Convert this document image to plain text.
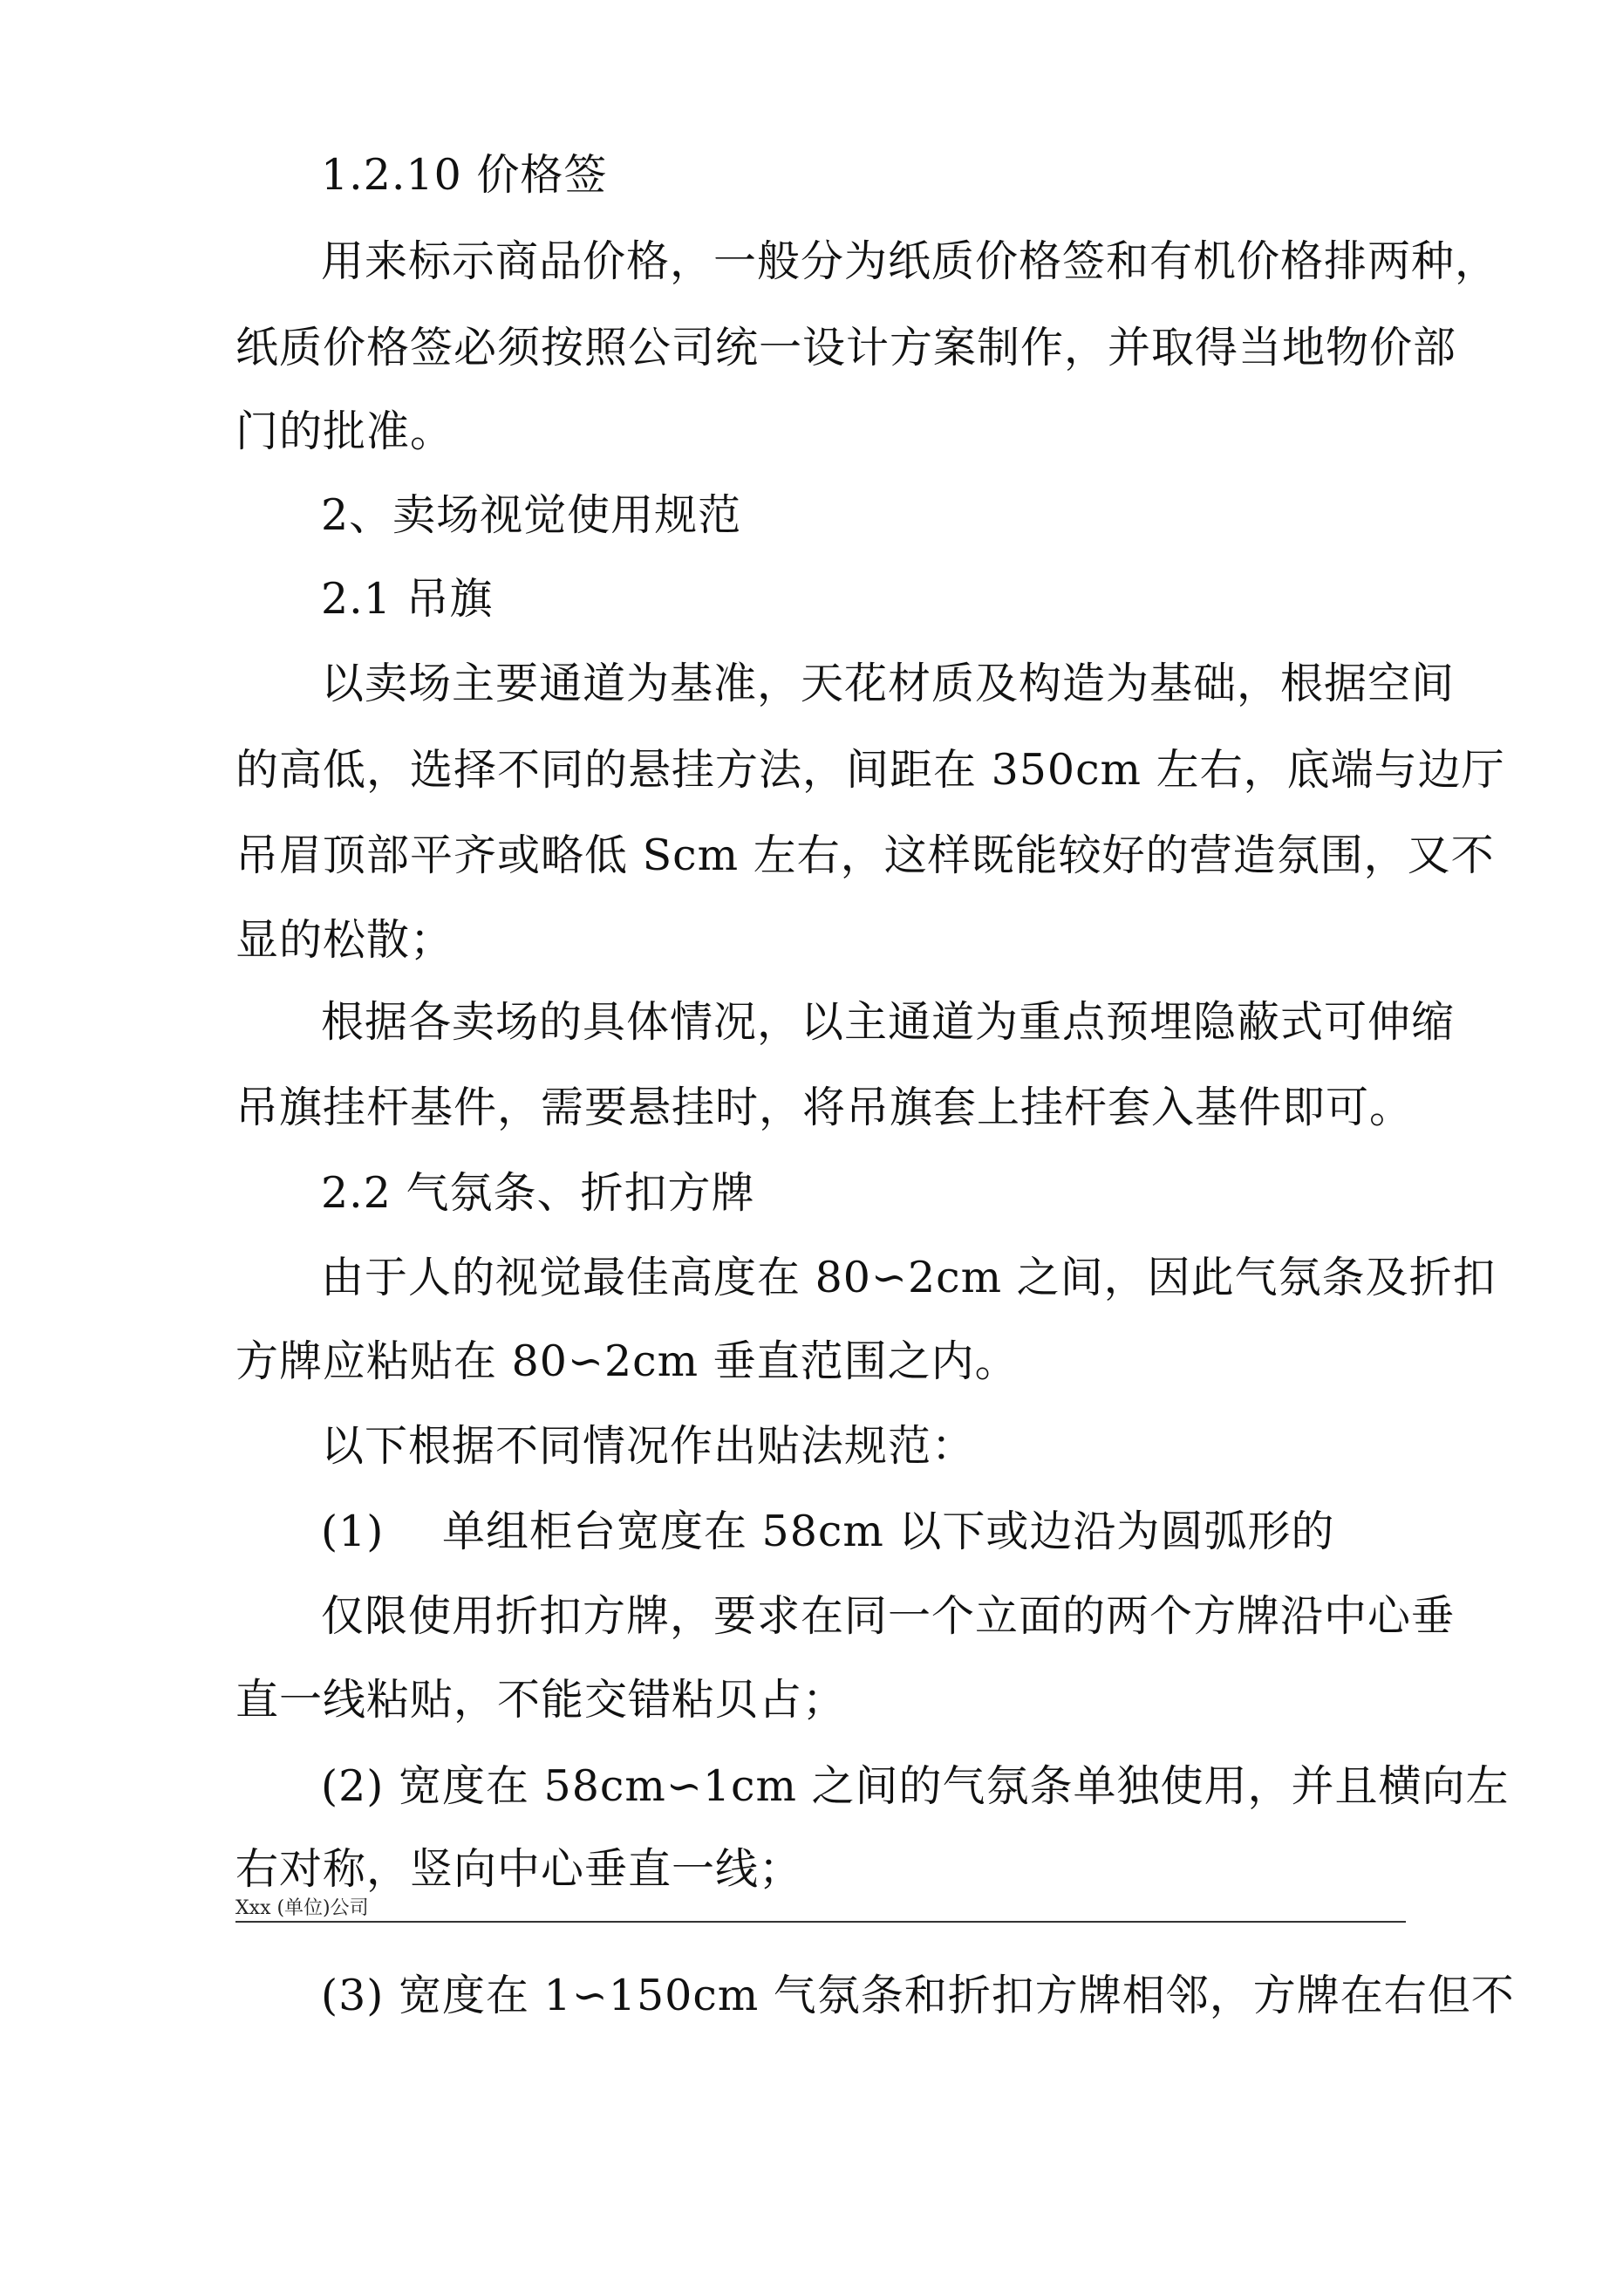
1.2.10 价格签
用来标示商品价格，一般分为纸质价格签和有机价格排两种，
纸质价格签必须按照公司统一设计方案制作，并取得当地物价部
门的批准。
2、卖场视觉使用规范
2.1 吊旗
以卖场主要通道为基准，天花材质及构造为基础，根据空间
的高低，选择不同的悬挂方法，间距在 350cm 左右，底端与边厅
吊眉顶部平齐或略低 Scm 左右，这样既能较好的营造氛围，又不
显的松散；
根据各卖场的具体情况，以主通道为重点预埋隐蔽式可伸缩
吊旗挂杆基件，需要悬挂时，将吊旗套上挂杆套入基件即可。
2.2 气氛条、折扣方牌
由于人的视觉最佳高度在 80∽2cm 之间，因此气氛条及折扣
方牌应粘贴在 80∽2cm 垂直范围之内。
以下根据不同情况作出贴法规范：
(1)　 单组柜台宽度在 58cm 以下或边沿为圆弧形的
仅限使用折扣方牌，要求在同一个立面的两个方牌沿中心垂
直一线粘贴，不能交错粘贝占；
(2) 宽度在 58cm∽1cm 之间的气氛条单独使用，并且横向左
右对称，竖向中心垂直一线；
Xxx (单位)公司
(3) 宽度在 1∽150cm 气氛条和折扣方牌相邻，方牌在右但不
